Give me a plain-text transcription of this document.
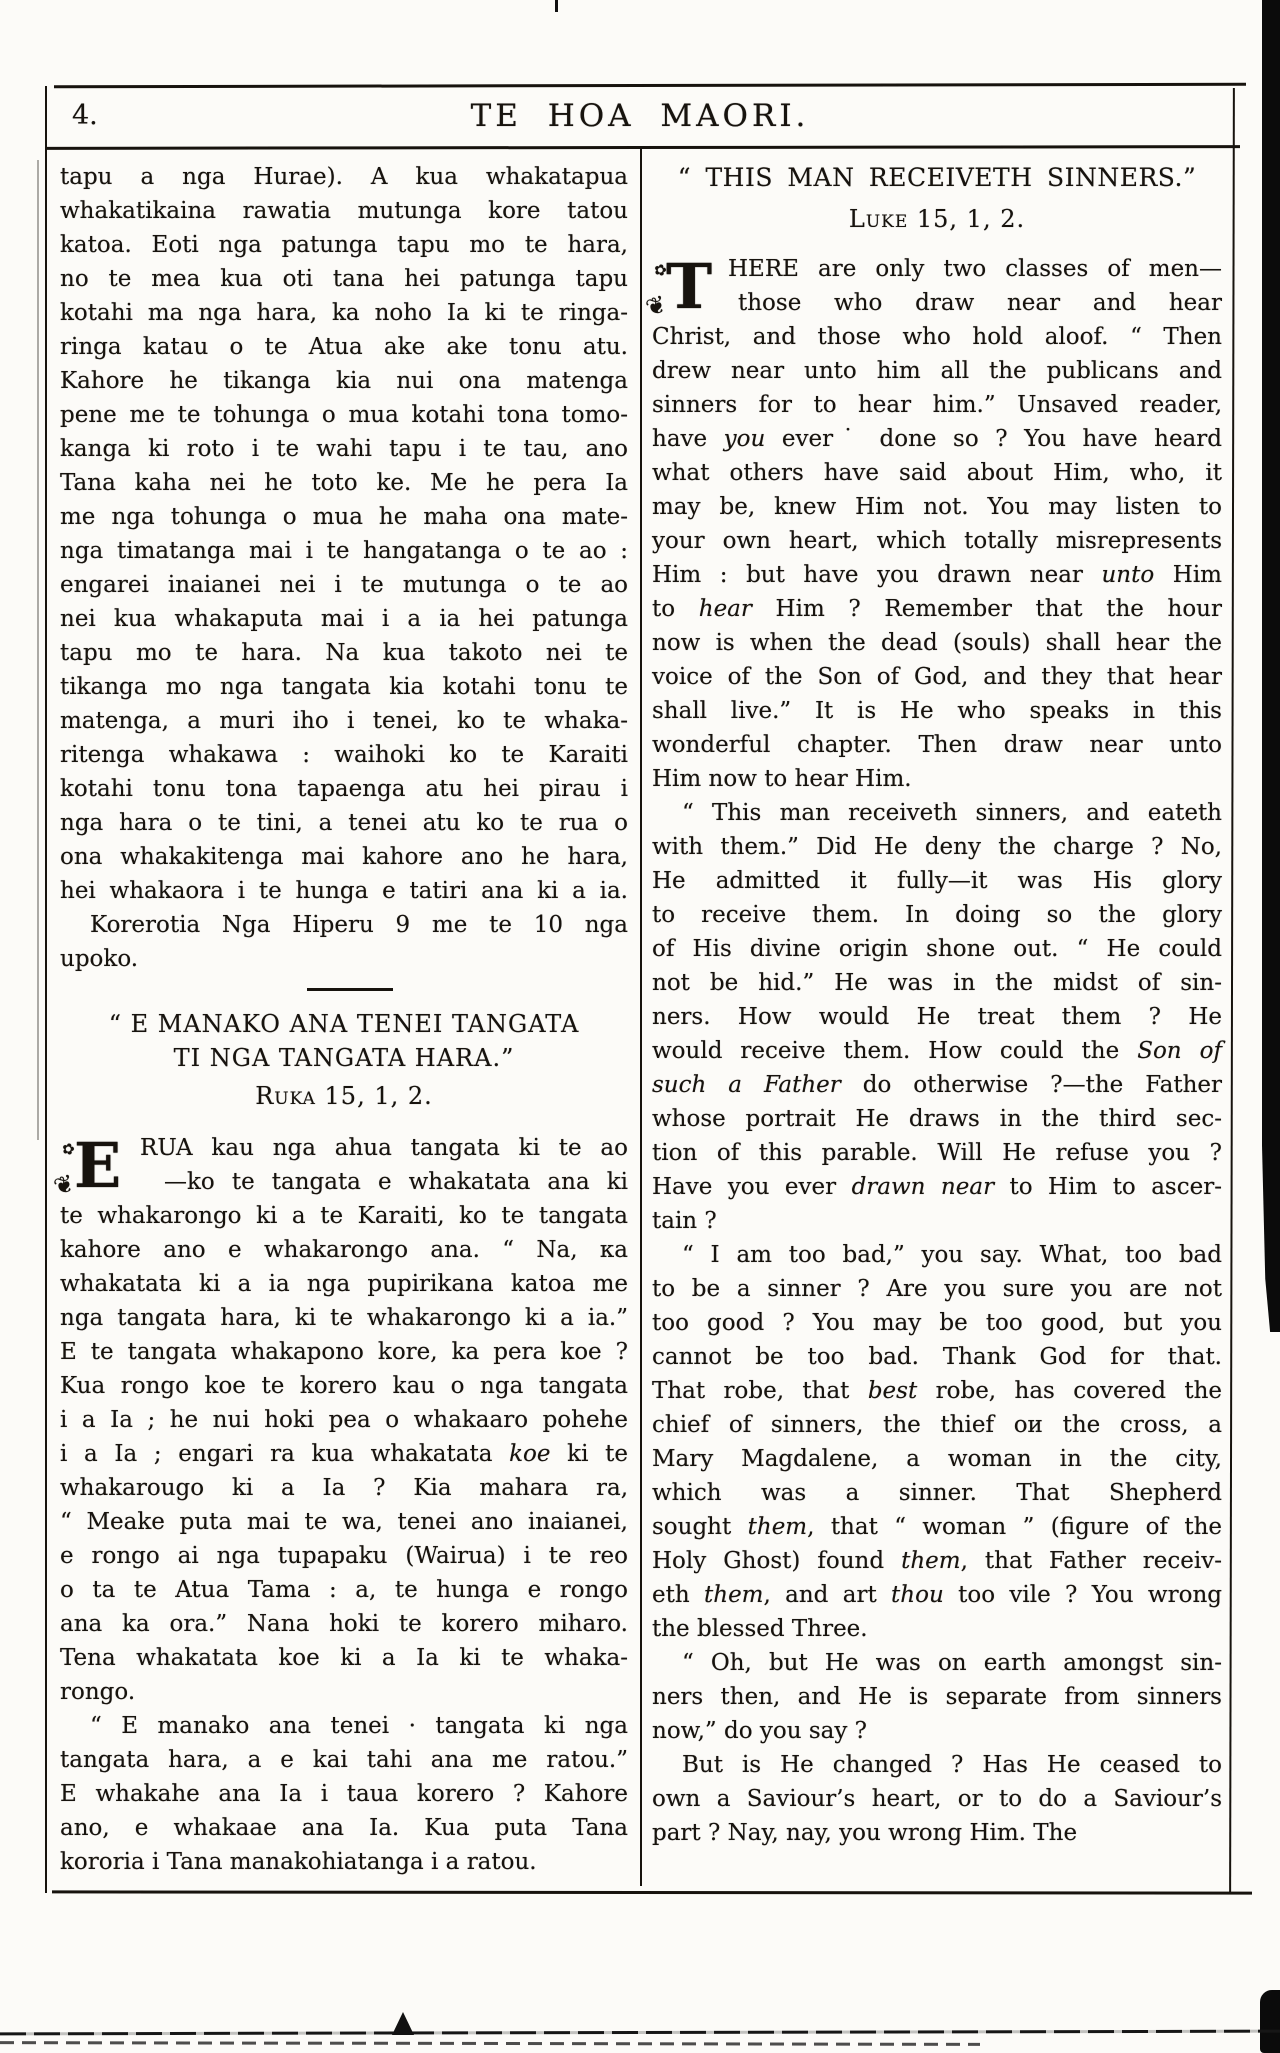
4.	TE HOA MAORI.
tapu a nga Hurae). A kua whakatapua
whakatikaina rawatia mutunga kore tatou
katoa. Eoti nga patunga tapu mo te hara,
no te mea kua oti tana hei patunga tapu
kotahi ma nga hara, ka noho Ia ki te ringa-
ringa katau o te Atua ake ake tonu atu.
Kahore he tikanga kia nui ona matenga
pene me te tohunga o mua kotahi tona tomo-
kanga ki roto i te wahi tapu i te tau, ano
Tana kaha nei he toto ke. Me he pera Ia
me nga tohunga o mua he maha ona mate-
nga timatanga mai i te hangatanga o te ao :
engarei inaianei nei i te mutunga o te ao
nei kua whakaputa mai i a ia hei patunga
tapu mo te hara. Na kua takoto nei te
tikanga mo nga tangata kia kotahi tonu te
matenga, a muri iho i tenei, ko te whaka-
ritenga whakawa : waihoki ko te Karaiti
kotahi tonu tona tapaenga atu hei pirau i
nga hara o te tini, a tenei atu ko te rua o
ona whakakitenga mai kahore ano he hara,
hei whakaora i te hunga e tatiri ana ki a ia.
Korerotia Nga Hiperu 9 me te 10 nga
upoko.
“ E MANAKO ANA TENEI TANGATA
TI NGA TANGATA HARA.”
Ruka 15, 1, 2.
❦
✿
E RUA kau nga ahua tangata ki te ao
—ko te tangata e whakatata ana ki
te whakarongo ki a te Karaiti, ko te tangata
kahore ano e whakarongo ana. “ Na, кa
whakatata ki a ia nga pupirikana katoa me
nga tangata hara, ki te whakarongo ki a ia.”
E te tangata whakapono kore, ka pera koe ?
Kua rongo koe te korero kau o nga tangata
i a Ia ; he nui hoki pea o whakaaro pohehe
i a Ia ; engari ra kua whakatata koe ki te
whakarougo ki a Ia ? Kia mahara ra,
“ Meake puta mai te wa, tenei ano inaianei,
e rongo ai nga tupapaku (Wairua) i te reo
o ta te Atua Tama : a, te hunga e rongo
ana ka ora.” Nana hoki te korero miharo.
Tena whakatata koe ki a Ia ki te whaka-
rongo.
“ E manako ana tenei · tangata ki nga
tangata hara, a e kai tahi ana me ratou.”
E whakahe ana Ia i taua korero ? Kahore
ano, e whakaae ana Ia. Kua puta Tana
kororia i Tana manakohiatanga i a ratou.
“ THIS MAN RECEIVETH SINNERS.”
Luke 15, 1, 2.
❦
✿
T HERE are only two classes of men—
those who draw near and hear
Christ, and those who hold aloof. “ Then
drew near unto him all the publicans and
sinners for to hear him.” Unsaved reader,
have you ever˙ done so ? You have heard
what others have said about Him, who, it
may be, knew Him not. You may listen to
your own heart, which totally misrepresents
Him : but have you drawn near unto Him
to hear Him ? Remember that the hour
now is when the dead (souls) shall hear the
voice of the Son of God, and they that hear
shall live.” It is He who speaks in this
wonderful chapter. Then draw near unto
Him now to hear Him.
“ This man receiveth sinners, and eateth
with them.” Did He deny the charge ? No,
He admitted it fully—it was His glory
to receive them. In doing so the glory
of His divine origin shone out. “ He could
not be hid.” He was in the midst of sin-
ners. How would He treat them ? He
would receive them. How could the Son of
such a Father do otherwise ?—the Father
whose portrait He draws in the third sec-
tion of this parable. Will He refuse you ?
Have you ever drawn near to Him to ascer-
tain ?
“ I am too bad,” you say. What, too bad
to be a sinner ? Are you sure you are not
too good ? You may be too good, but you
cannot be too bad. Thank God for that.
That robe, that best robe, has covered the
chief of sinners, the thief oи the cross, a
Mary Magdalene, a woman in the city,
which was a sinner. That Shepherd
sought them, that “ woman ” (figure of the
Holy Ghost) found them, that Father receiv-
eth them, and art thou too vile ? You wrong
the blessed Three.
“ Oh, but He was on earth amongst sin-
ners then, and He is separate from sinners
now,” do you say ?
But is He changed ? Has He ceased to
own a Saviour’s heart, or to do a Saviour’s
part ? Nay, nay, you wrong Him. The
